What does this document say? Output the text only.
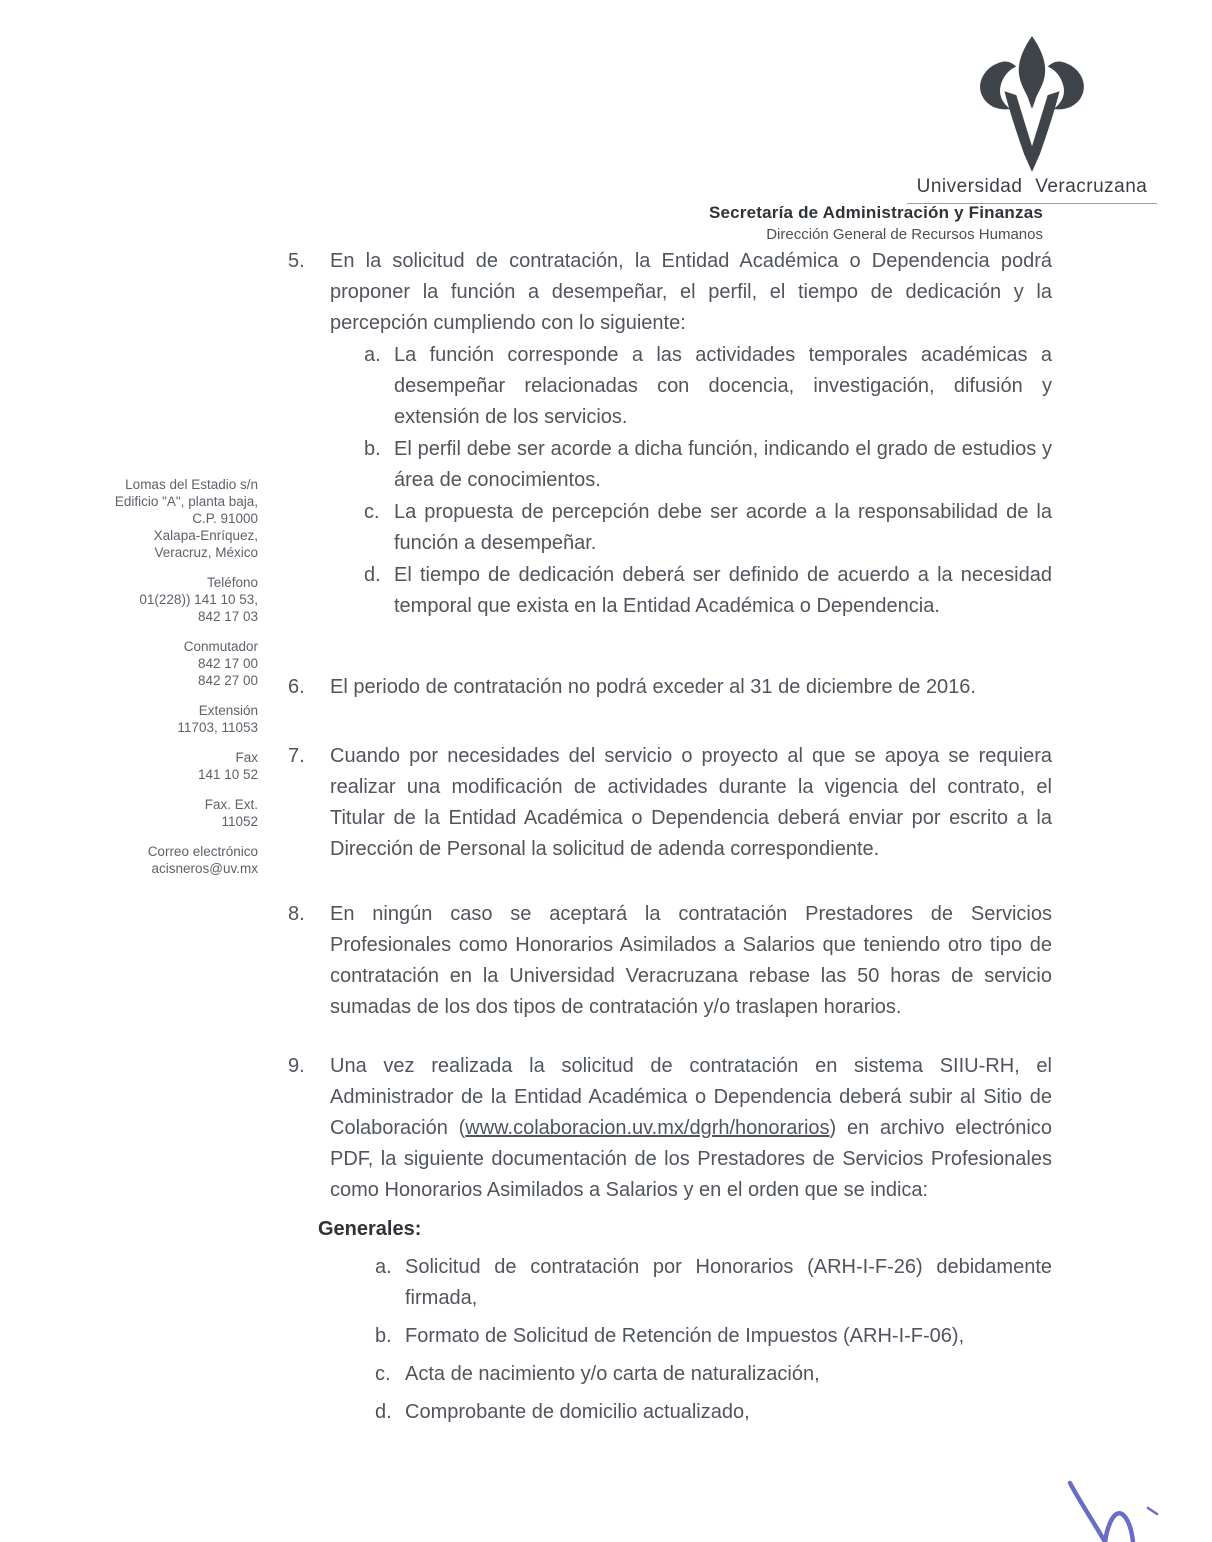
Universidad Veracruzana
Secretaría de Administración y Finanzas
Dirección General de Recursos Humanos
Lomas del Estadio s/n
Edificio "A", planta baja,
C.P. 91000
Xalapa-Enríquez,
Veracruz, México
Teléfono
01(228)) 141 10 53,
842 17 03
Conmutador
842 17 00
842 27 00
Extensión
11703, 11053
Fax
141 10 52
Fax. Ext.
11052
Correo electrónico
acisneros@uv.mx
5.	En la solicitud de contratación, la Entidad Académica o Dependencia podrá proponer la función a desempeñar, el perfil, el tiempo de dedicación y la percepción cumpliendo con lo siguiente:
a. La función corresponde a las actividades temporales académicas a desempeñar relacionadas con docencia, investigación, difusión y extensión de los servicios.
b. El perfil debe ser acorde a dicha función, indicando el grado de estudios y área de conocimientos.
c. La propuesta de percepción debe ser acorde a la responsabilidad de la función a desempeñar.
d. El tiempo de dedicación deberá ser definido de acuerdo a la necesidad temporal que exista en la Entidad Académica o Dependencia.
6.	El periodo de contratación no podrá exceder al 31 de diciembre de 2016.
7.	Cuando por necesidades del servicio o proyecto al que se apoya se requiera realizar una modificación de actividades durante la vigencia del contrato, el Titular de la Entidad Académica o Dependencia deberá enviar por escrito a la Dirección de Personal la solicitud de adenda correspondiente.
8.	En ningún caso se aceptará la contratación Prestadores de Servicios Profesionales como Honorarios Asimilados a Salarios que teniendo otro tipo de contratación en la Universidad Veracruzana rebase las 50 horas de servicio sumadas de los dos tipos de contratación y/o traslapen horarios.
9.	Una vez realizada la solicitud de contratación en sistema SIIU-RH, el Administrador de la Entidad Académica o Dependencia deberá subir al Sitio de Colaboración (www.colaboracion.uv.mx/dgrh/honorarios) en archivo electrónico PDF, la siguiente documentación de los Prestadores de Servicios Profesionales como Honorarios Asimilados a Salarios y en el orden que se indica:
Generales:
a. Solicitud de contratación por Honorarios (ARH-I-F-26) debidamente firmada,
b. Formato de Solicitud de Retención de Impuestos (ARH-I-F-06),
c. Acta de nacimiento y/o carta de naturalización,
d. Comprobante de domicilio actualizado,
